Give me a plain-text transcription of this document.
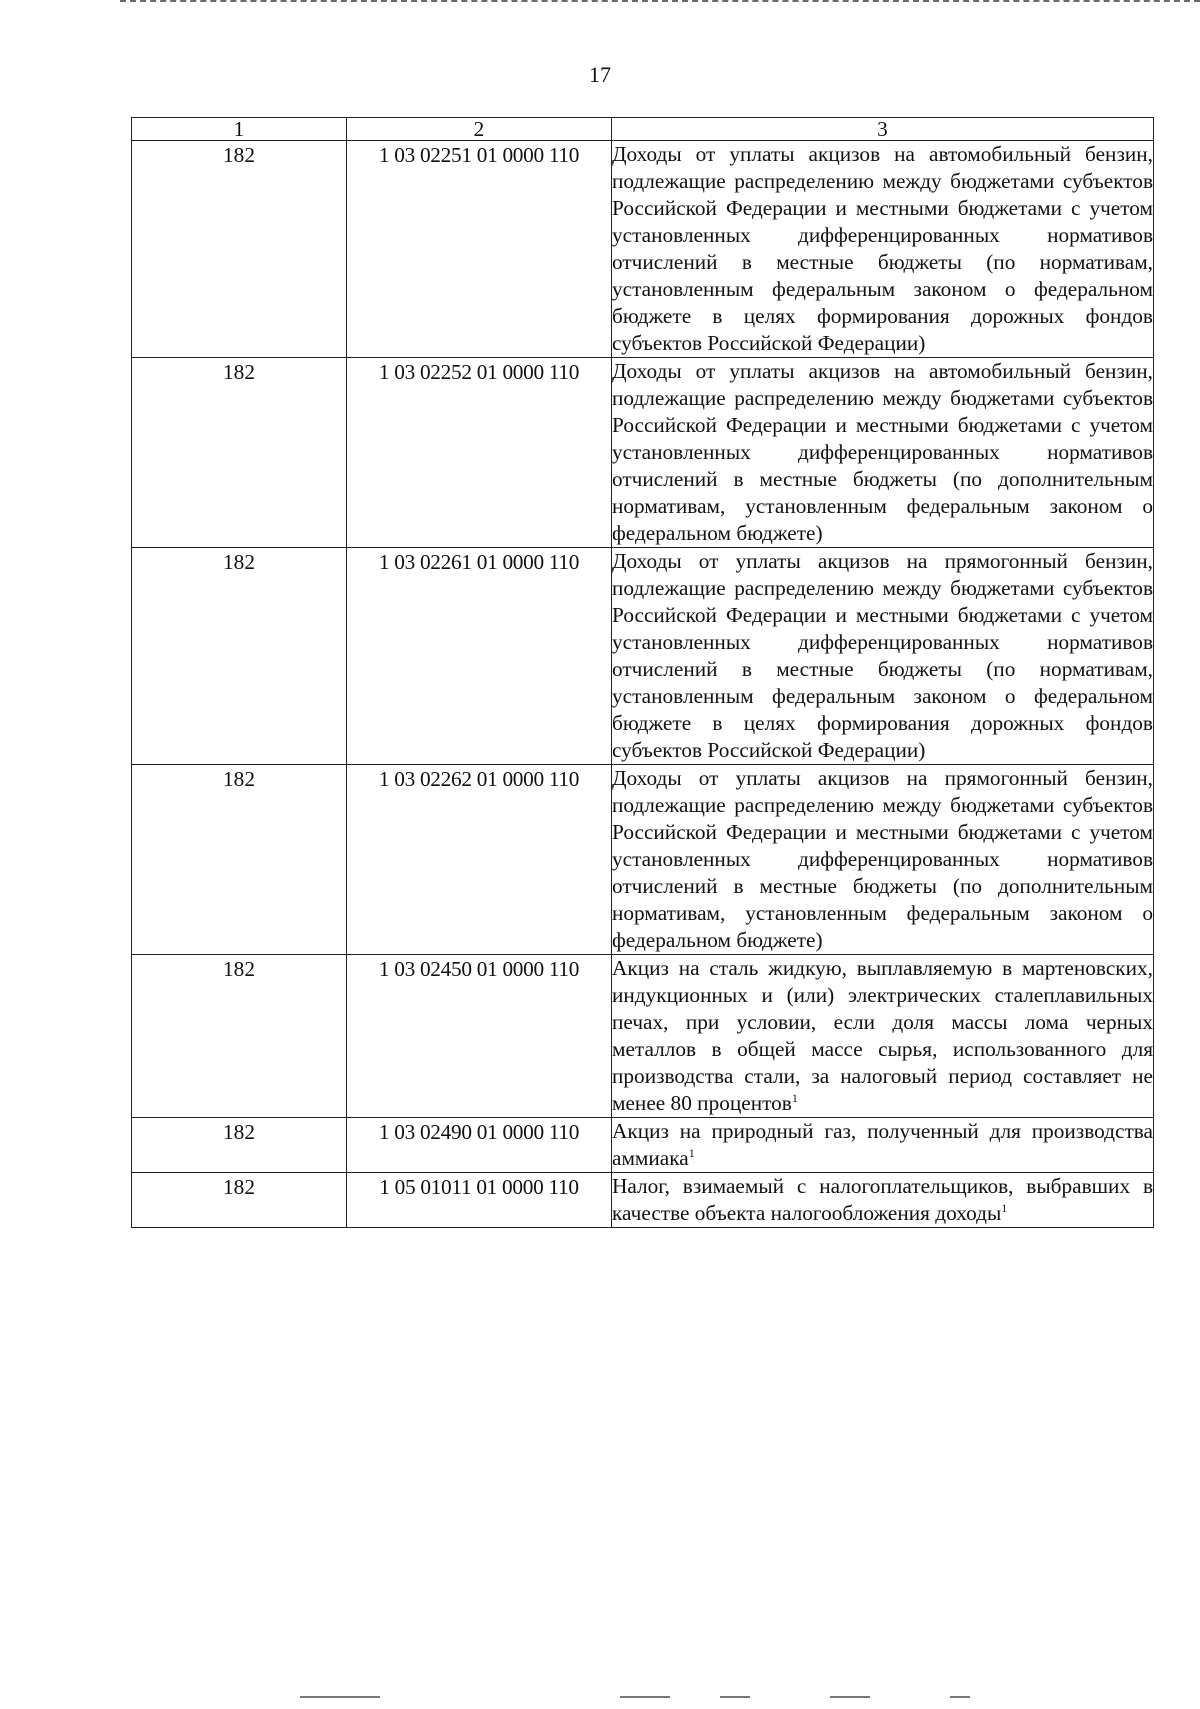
17
1	2	3
182	1 03 02251 01 0000 110	Доходы от уплаты акцизов на автомобильный бензин, подлежащие распределению между бюджетами субъектов Российской Федерации и местными бюджетами с учетом установленных дифференцированных нормативов отчислений в местные бюджеты (по нормативам, установленным федеральным законом о федеральном бюджете в целях формирования дорожных фондов субъектов Российской Федерации)
182	1 03 02252 01 0000 110	Доходы от уплаты акцизов на автомобильный бензин, подлежащие распределению между бюджетами субъектов Российской Федерации и местными бюджетами с учетом установленных дифференцированных нормативов отчислений в местные бюджеты (по дополнительным нормативам, установленным федеральным законом о федеральном бюджете)
182	1 03 02261 01 0000 110	Доходы от уплаты акцизов на прямогонный бензин, подлежащие распределению между бюджетами субъектов Российской Федерации и местными бюджетами с учетом установленных дифференцированных нормативов отчислений в местные бюджеты (по нормативам, установленным федеральным законом о федеральном бюджете в целях формирования дорожных фондов субъектов Российской Федерации)
182	1 03 02262 01 0000 110	Доходы от уплаты акцизов на прямогонный бензин, подлежащие распределению между бюджетами субъектов Российской Федерации и местными бюджетами с учетом установленных дифференцированных нормативов отчислений в местные бюджеты (по дополнительным нормативам, установленным федеральным законом о федеральном бюджете)
182	1 03 02450 01 0000 110	Акциз на сталь жидкую, выплавляемую в мартеновских, индукционных и (или) электрических сталеплавильных печах, при условии, если доля массы лома черных металлов в общей массе сырья, использованного для производства стали, за налоговый период составляет не менее 80 процентов$^1$
182	1 03 02490 01 0000 110	Акциз на природный газ, полученный для производства аммиака$^1$
182	1 05 01011 01 0000 110	Налог, взимаемый с налогоплательщиков, выбравших в качестве объекта налогообложения доходы$^1$
